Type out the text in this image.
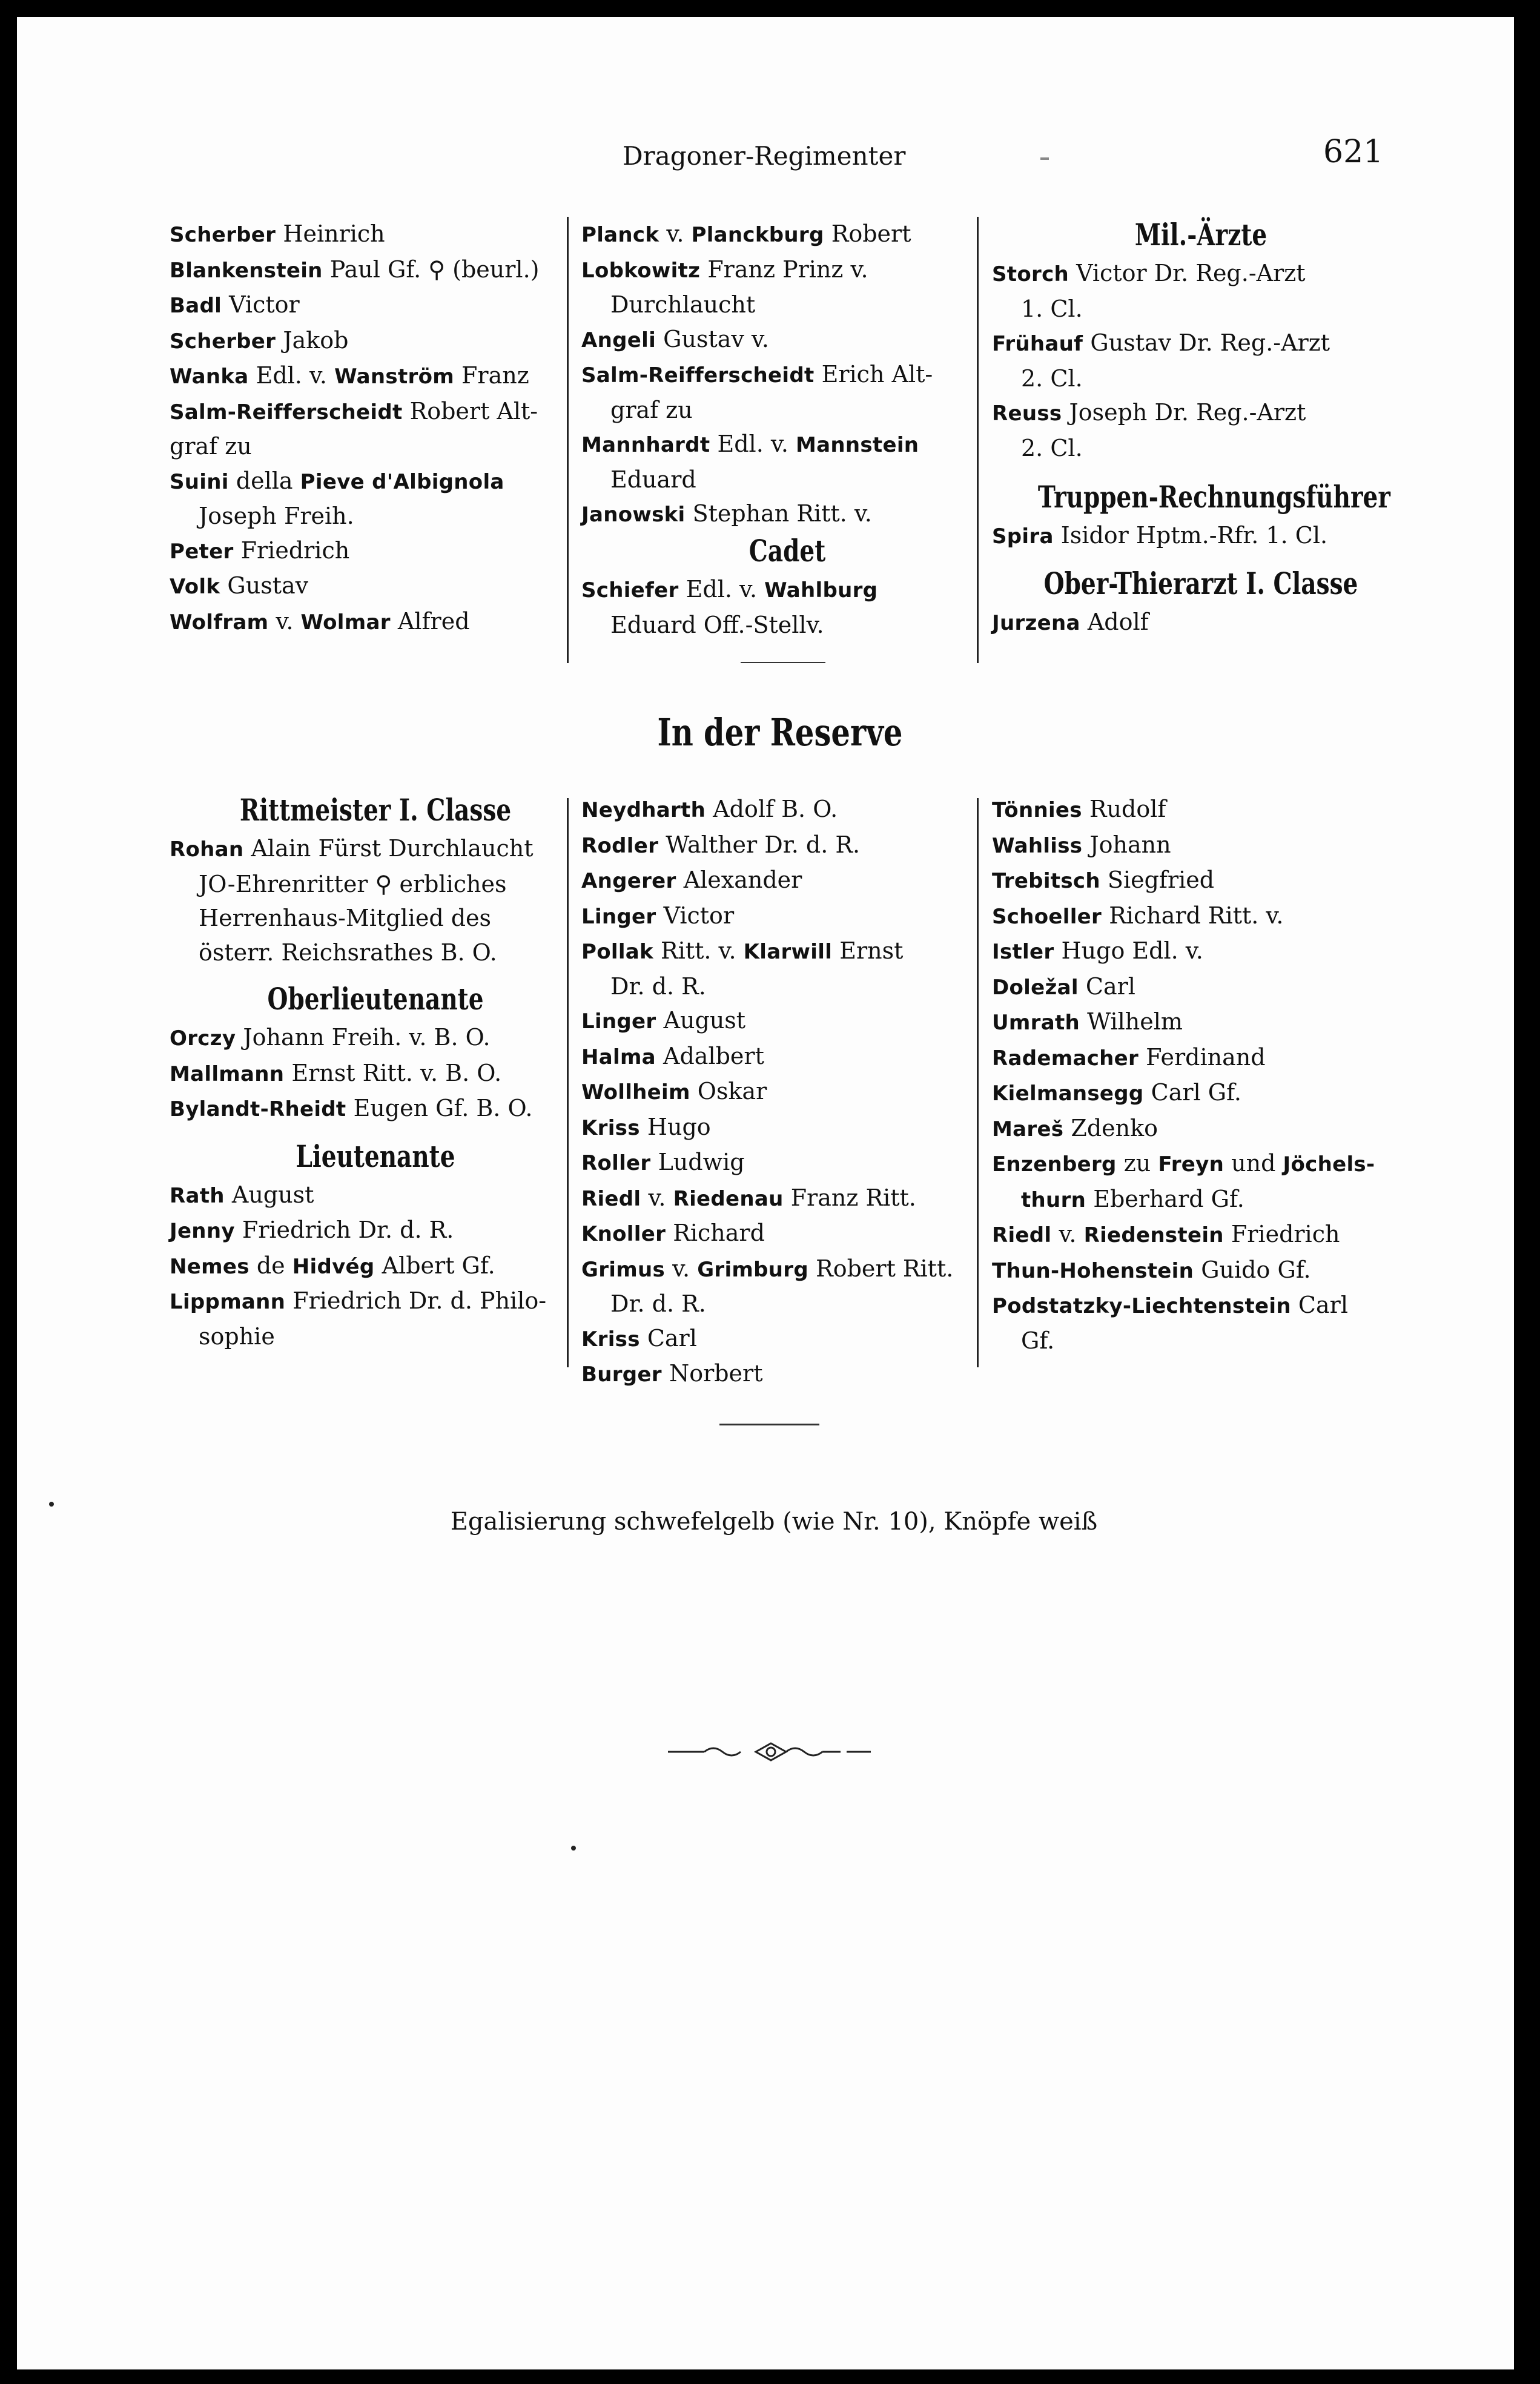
Dragoner-Regimenter	621
Scherber Heinrich
Blankenstein Paul Gf. ⚲ (beurl.)
Badl Victor
Scherber Jakob
Wanka Edl. v. Wanström Franz
Salm-Reifferscheidt Robert Alt-
graf zu
Suini della Pieve d'Albignola
Joseph Freih.
Peter Friedrich
Volk Gustav
Wolfram v. Wolmar Alfred
Planck v. Planckburg Robert
Lobkowitz Franz Prinz v.
Durchlaucht
Angeli Gustav v.
Salm-Reifferscheidt Erich Alt-
graf zu
Mannhardt Edl. v. Mannstein
Eduard
Janowski Stephan Ritt. v.
Cadet
Schiefer Edl. v. Wahlburg
Eduard Off.-Stellv.
Mil.-Ärzte
Storch Victor Dr. Reg.-Arzt
1. Cl.
Frühauf Gustav Dr. Reg.-Arzt
2. Cl.
Reuss Joseph Dr. Reg.-Arzt
2. Cl.
Truppen-Rechnungsführer
Spira Isidor Hptm.-Rfr. 1. Cl.
Ober-Thierarzt I. Classe
Jurzena Adolf
In der Reserve
Rittmeister I. Classe
Rohan Alain Fürst Durchlaucht
JO-Ehrenritter ⚲ erbliches
Herrenhaus-Mitglied des
österr. Reichsrathes B. O.
Oberlieutenante
Orczy Johann Freih. v. B. O.
Mallmann Ernst Ritt. v. B. O.
Bylandt-Rheidt Eugen Gf. B. O.
Lieutenante
Rath August
Jenny Friedrich Dr. d. R.
Nemes de Hidvég Albert Gf.
Lippmann Friedrich Dr. d. Philo-
sophie
Neydharth Adolf B. O.
Rodler Walther Dr. d. R.
Angerer Alexander
Linger Victor
Pollak Ritt. v. Klarwill Ernst
Dr. d. R.
Linger August
Halma Adalbert
Wollheim Oskar
Kriss Hugo
Roller Ludwig
Riedl v. Riedenau Franz Ritt.
Knoller Richard
Grimus v. Grimburg Robert Ritt.
Dr. d. R.
Kriss Carl
Burger Norbert
Tönnies Rudolf
Wahliss Johann
Trebitsch Siegfried
Schoeller Richard Ritt. v.
Istler Hugo Edl. v.
Doležal Carl
Umrath Wilhelm
Rademacher Ferdinand
Kielmansegg Carl Gf.
Mareš Zdenko
Enzenberg zu Freyn und Jöchels-
thurn Eberhard Gf.
Riedl v. Riedenstein Friedrich
Thun-Hohenstein Guido Gf.
Podstatzky-Liechtenstein Carl
Gf.
Egalisierung schwefelgelb (wie Nr. 10), Knöpfe weiß
